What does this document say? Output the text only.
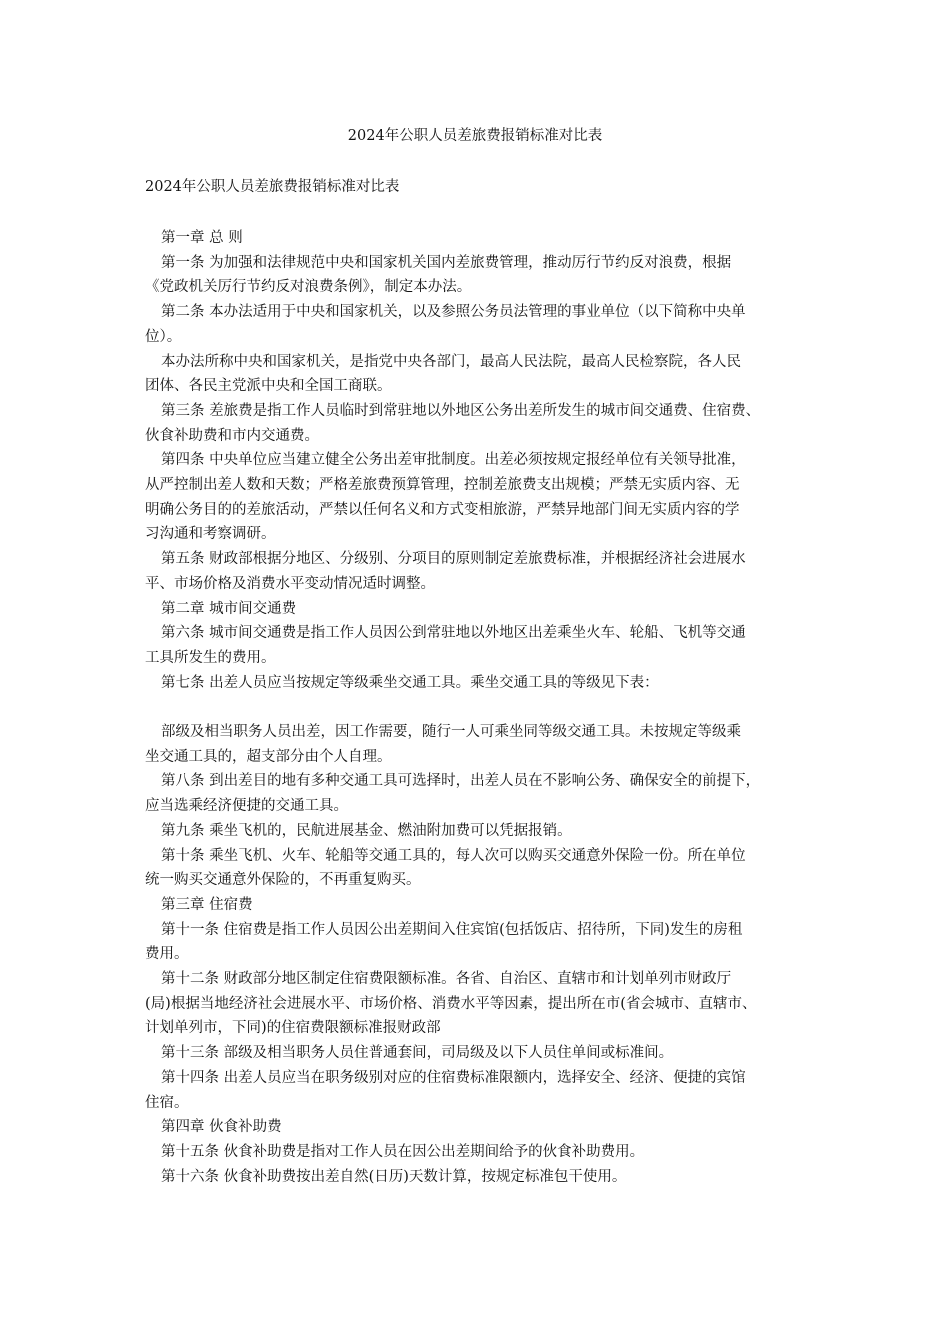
2024年公职人员差旅费报销标准对比表
2024年公职人员差旅费报销标准对比表

第一章 总 则

第一条 为加强和法律规范中央和国家机关国内差旅费管理，推动厉行节约反对浪费，根据
《党政机关厉行节约反对浪费条例》，制定本办法。

第二条 本办法适用于中央和国家机关，以及参照公务员法管理的事业单位（以下简称中央单
位）。

本办法所称中央和国家机关，是指党中央各部门，最高人民法院，最高人民检察院，各人民
团体、各民主党派中央和全国工商联。

第三条 差旅费是指工作人员临时到常驻地以外地区公务出差所发生的城市间交通费、住宿费、
伙食补助费和市内交通费。

第四条 中央单位应当建立健全公务出差审批制度。出差必须按规定报经单位有关领导批准，
从严控制出差人数和天数；严格差旅费预算管理，控制差旅费支出规模；严禁无实质内容、无
明确公务目的的差旅活动，严禁以任何名义和方式变相旅游，严禁异地部门间无实质内容的学
习沟通和考察调研。

第五条 财政部根据分地区、分级别、分项目的原则制定差旅费标准，并根据经济社会进展水
平、市场价格及消费水平变动情况适时调整。

第二章 城市间交通费

第六条 城市间交通费是指工作人员因公到常驻地以外地区出差乘坐火车、轮船、飞机等交通
工具所发生的费用。

第七条 出差人员应当按规定等级乘坐交通工具。乘坐交通工具的等级见下表：

部级及相当职务人员出差，因工作需要，随行一人可乘坐同等级交通工具。未按规定等级乘
坐交通工具的，超支部分由个人自理。

第八条 到出差目的地有多种交通工具可选择时，出差人员在不影响公务、确保安全的前提下，
应当选乘经济便捷的交通工具。

第九条 乘坐飞机的，民航进展基金、燃油附加费可以凭据报销。

第十条 乘坐飞机、火车、轮船等交通工具的，每人次可以购买交通意外保险一份。所在单位
统一购买交通意外保险的，不再重复购买。

第三章 住宿费

第十一条 住宿费是指工作人员因公出差期间入住宾馆(包括饭店、招待所，下同)发生的房租
费用。

第十二条 财政部分地区制定住宿费限额标准。各省、自治区、直辖市和计划单列市财政厅
(局)根据当地经济社会进展水平、市场价格、消费水平等因素，提出所在市(省会城市、直辖市、
计划单列市，下同)的住宿费限额标准报财政部

第十三条 部级及相当职务人员住普通套间，司局级及以下人员住单间或标准间。

第十四条 出差人员应当在职务级别对应的住宿费标准限额内，选择安全、经济、便捷的宾馆
住宿。

第四章 伙食补助费

第十五条 伙食补助费是指对工作人员在因公出差期间给予的伙食补助费用。

第十六条 伙食补助费按出差自然(日历)天数计算，按规定标准包干使用。
